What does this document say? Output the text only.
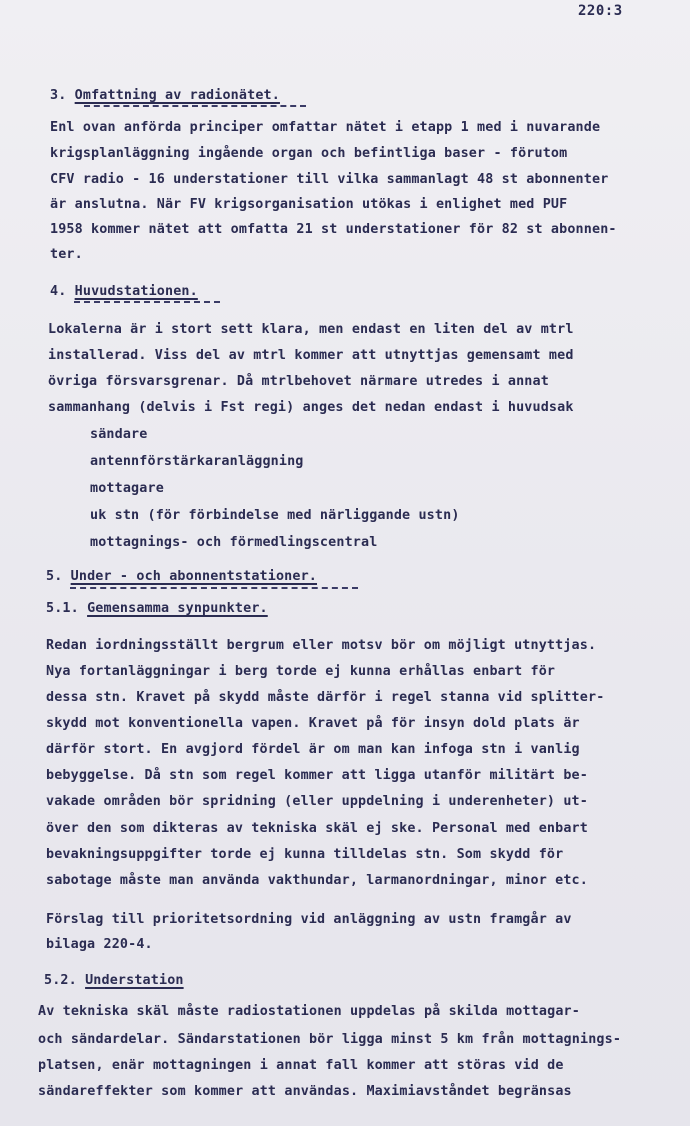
220:3
3. Omfattning av radionätet.
Enl ovan anförda principer omfattar nätet i etapp 1 med i nuvarande
krigsplanläggning ingående organ och befintliga baser - förutom
CFV radio - 16 understationer till vilka sammanlagt 48 st abonnenter
är anslutna. När FV krigsorganisation utökas i enlighet med PUF
1958 kommer nätet att omfatta 21 st understationer för 82 st abonnen-
ter.
4. Huvudstationen.
Lokalerna är i stort sett klara, men endast en liten del av mtrl
installerad. Viss del av mtrl kommer att utnyttjas gemensamt med
övriga försvarsgrenar. Då mtrlbehovet närmare utredes i annat
sammanhang (delvis i Fst regi) anges det nedan endast i huvudsak
sändare
antennförstärkaranläggning
mottagare
uk stn (för förbindelse med närliggande ustn)
mottagnings- och förmedlingscentral
5. Under - och abonnentstationer.
5.1. Gemensamma synpunkter.
Redan iordningsställt bergrum eller motsv bör om möjligt utnyttjas.
Nya fortanläggningar i berg torde ej kunna erhållas enbart för
dessa stn. Kravet på skydd måste därför i regel stanna vid splitter-
skydd mot konventionella vapen. Kravet på för insyn dold plats är
därför stort. En avgjord fördel är om man kan infoga stn i vanlig
bebyggelse. Då stn som regel kommer att ligga utanför militärt be-
vakade områden bör spridning (eller uppdelning i underenheter) ut-
över den som dikteras av tekniska skäl ej ske. Personal med enbart
bevakningsuppgifter torde ej kunna tilldelas stn. Som skydd för
sabotage måste man använda vakthundar, larmanordningar, minor etc.
Förslag till prioritetsordning vid anläggning av ustn framgår av
bilaga 220-4.
5.2. Understation
Av tekniska skäl måste radiostationen uppdelas på skilda mottagar-
och sändardelar. Sändarstationen bör ligga minst 5 km från mottagnings-
platsen, enär mottagningen i annat fall kommer att störas vid de
sändareffekter som kommer att användas. Maximiavståndet begränsas
